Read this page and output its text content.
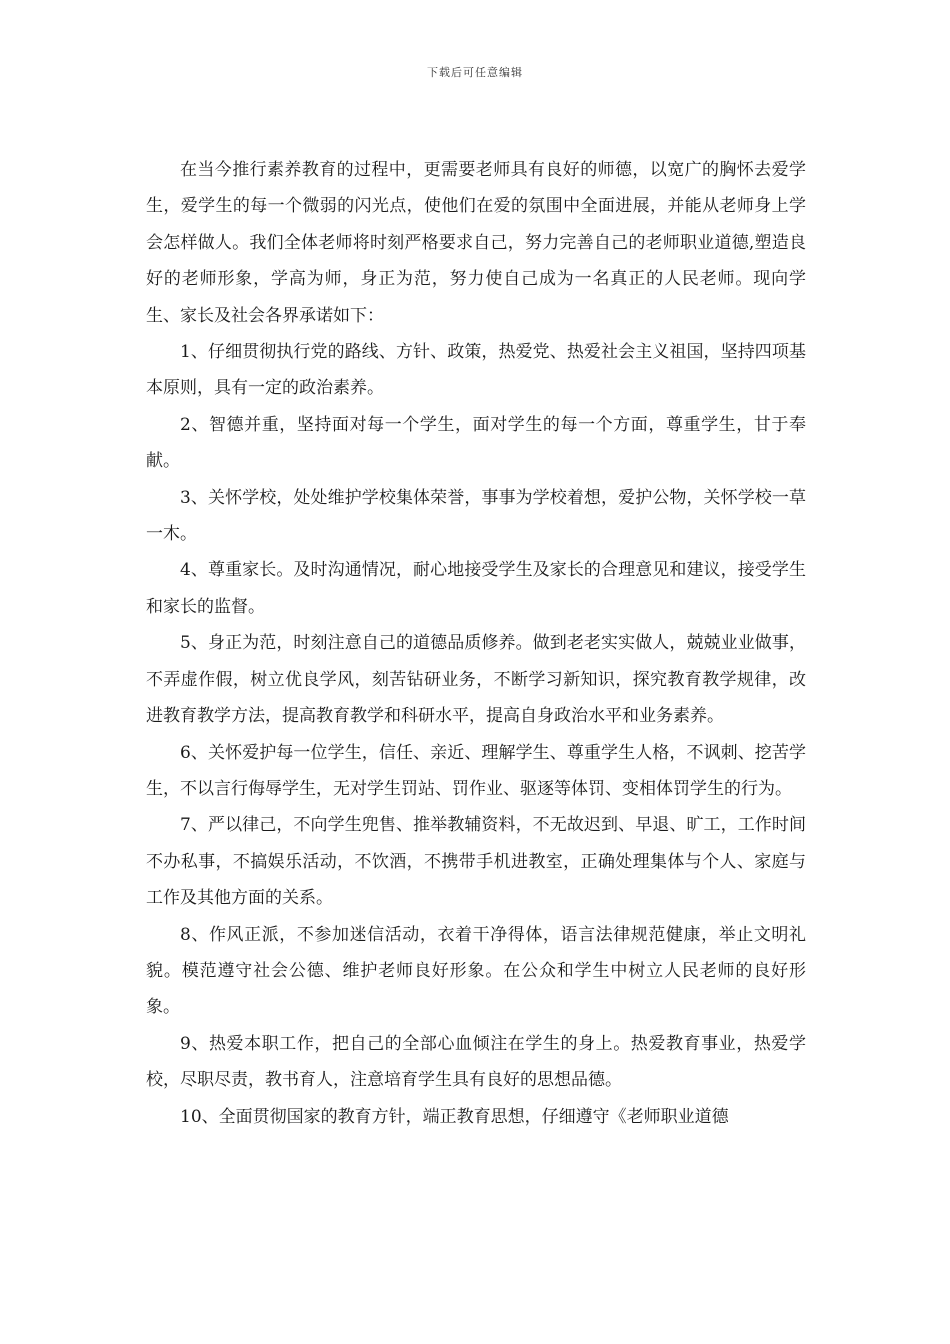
下载后可任意编辑

在当今推行素养教育的过程中，更需要老师具有良好的师德，以宽广的胸怀去爱学生，爱学生的每一个微弱的闪光点，使他们在爱的氛围中全面进展，并能从老师身上学会怎样做人。我们全体老师将时刻严格要求自己，努力完善自己的老师职业道德,塑造良好的老师形象，学高为师，身正为范，努力使自己成为一名真正的人民老师。现向学生、家长及社会各界承诺如下：

1、仔细贯彻执行党的路线、方针、政策，热爱党、热爱社会主义祖国，坚持四项基本原则，具有一定的政治素养。

2、智德并重，坚持面对每一个学生，面对学生的每一个方面，尊重学生，甘于奉献。

3、关怀学校，处处维护学校集体荣誉，事事为学校着想，爱护公物，关怀学校一草一木。

4、尊重家长。及时沟通情况，耐心地接受学生及家长的合理意见和建议，接受学生和家长的监督。

5、身正为范，时刻注意自己的道德品质修养。做到老老实实做人，兢兢业业做事，不弄虚作假，树立优良学风，刻苦钻研业务，不断学习新知识，探究教育教学规律，改进教育教学方法，提高教育教学和科研水平，提高自身政治水平和业务素养。

6、关怀爱护每一位学生，信任、亲近、理解学生、尊重学生人格，不讽刺、挖苦学生，不以言行侮辱学生，无对学生罚站、罚作业、驱逐等体罚、变相体罚学生的行为。

7、严以律己，不向学生兜售、推举教辅资料，不无故迟到、早退、旷工，工作时间不办私事，不搞娱乐活动，不饮酒，不携带手机进教室，正确处理集体与个人、家庭与工作及其他方面的关系。

8、作风正派，不参加迷信活动，衣着干净得体，语言法律规范健康，举止文明礼貌。模范遵守社会公德、维护老师良好形象。在公众和学生中树立人民老师的良好形象。

9、热爱本职工作，把自己的全部心血倾注在学生的身上。热爱教育事业，热爱学校，尽职尽责，教书育人，注意培育学生具有良好的思想品德。

10、全面贯彻国家的教育方针，端正教育思想，仔细遵守《老师职业道德
